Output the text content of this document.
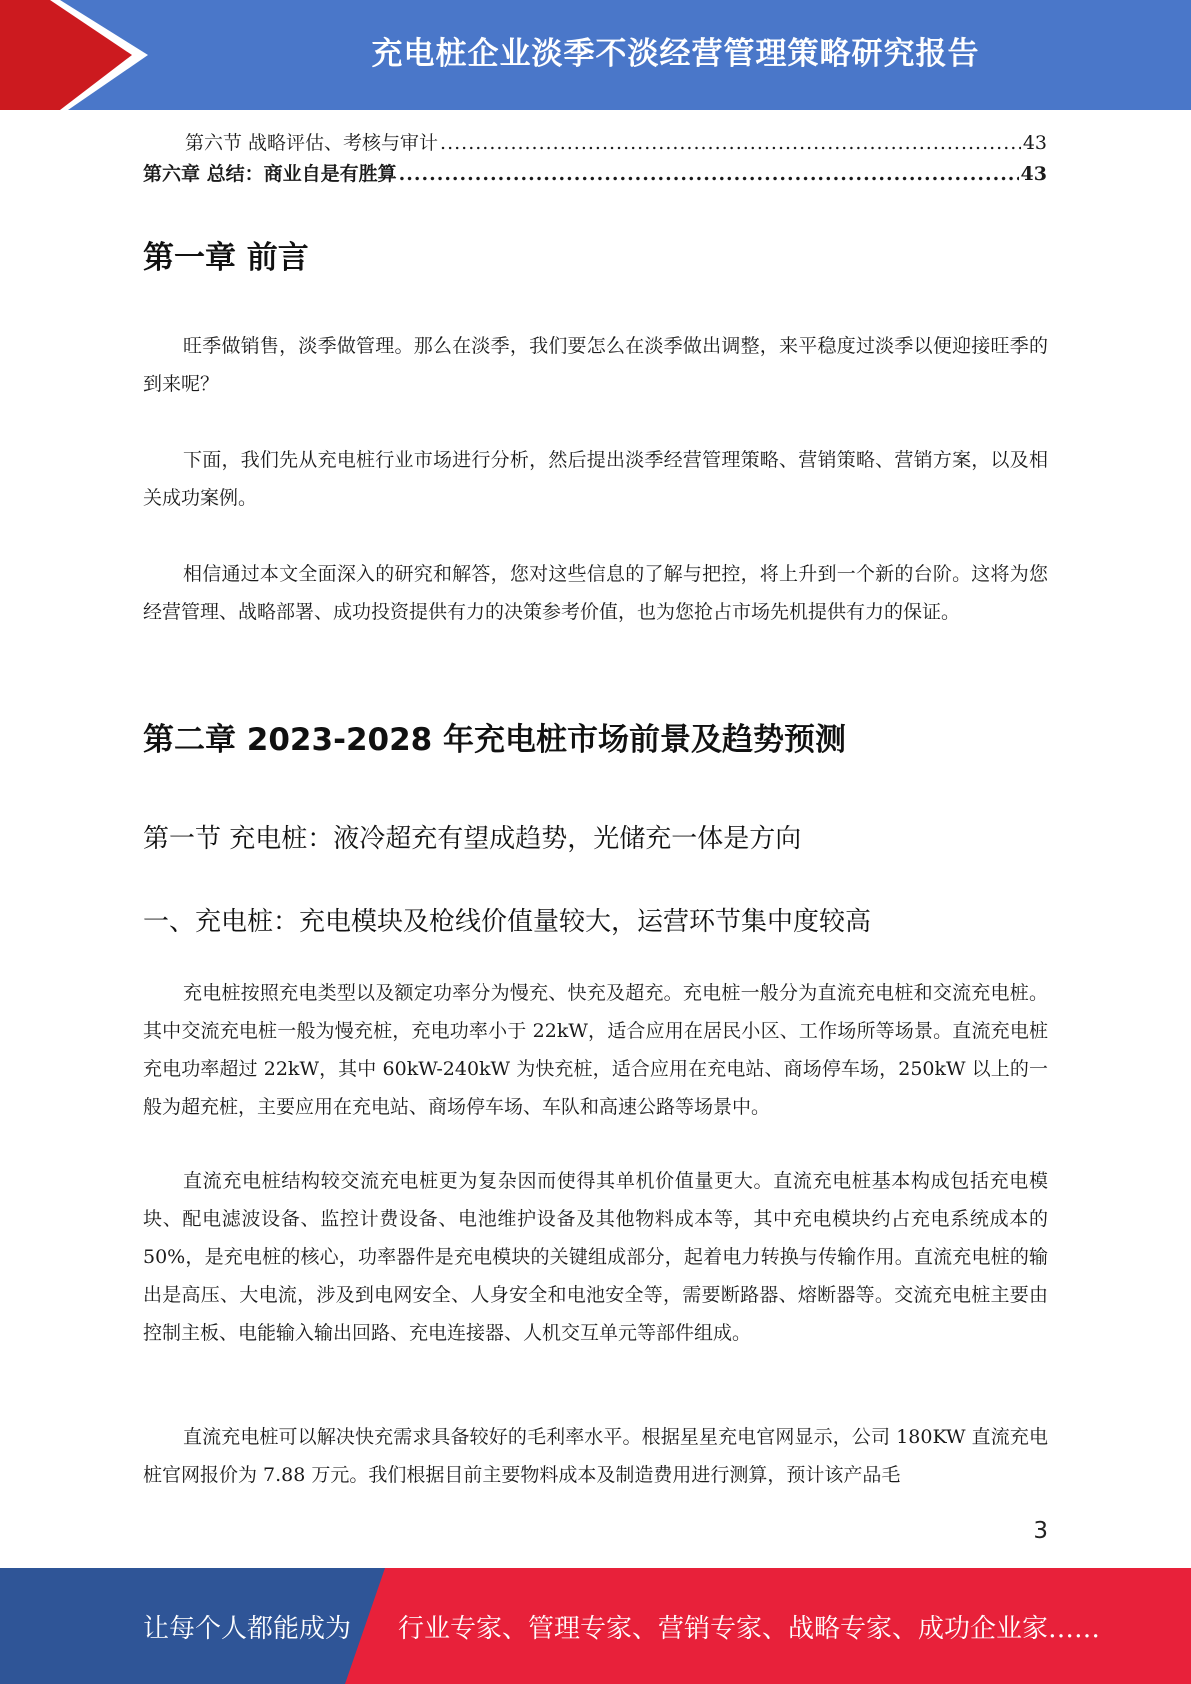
充电桩企业淡季不淡经营管理策略研究报告
第六节 战略评估、考核与审计 .....	43
第六章 总结：商业自是有胜算 .....	43
第一章 前言

旺季做销售，淡季做管理。那么在淡季，我们要怎么在淡季做出调整，来平稳度过淡季以便迎接旺季的到来呢？

下面，我们先从充电桩行业市场进行分析，然后提出淡季经营管理策略、营销策略、营销方案，以及相关成功案例。

相信通过本文全面深入的研究和解答，您对这些信息的了解与把控，将上升到一个新的台阶。这将为您经营管理、战略部署、成功投资提供有力的决策参考价值，也为您抢占市场先机提供有力的保证。

第二章 2023-2028 年充电桩市场前景及趋势预测
第一节 充电桩：液冷超充有望成趋势，光储充一体是方向
一、充电桩：充电模块及枪线价值量较大，运营环节集中度较高

充电桩按照充电类型以及额定功率分为慢充、快充及超充。充电桩一般分为直流充电桩和交流充电桩。其中交流充电桩一般为慢充桩，充电功率小于 22kW，适合应用在居民小区、工作场所等场景。直流充电桩充电功率超过 22kW，其中 60kW-240kW 为快充桩，适合应用在充电站、商场停车场，250kW 以上的一般为超充桩，主要应用在充电站、商场停车场、车队和高速公路等场景中。

直流充电桩结构较交流充电桩更为复杂因而使得其单机价值量更大。直流充电桩基本构成包括充电模块、配电滤波设备、监控计费设备、电池维护设备及其他物料成本等，其中充电模块约占充电系统成本的 50%，是充电桩的核心，功率器件是充电模块的关键组成部分，起着电力转换与传输作用。直流充电桩的输出是高压、大电流，涉及到电网安全、人身安全和电池安全等，需要断路器、熔断器等。交流充电桩主要由控制主板、电能输入输出回路、充电连接器、人机交互单元等部件组成。

直流充电桩可以解决快充需求具备较好的毛利率水平。根据星星充电官网显示，公司 180KW 直流充电桩官网报价为 7.88 万元。我们根据目前主要物料成本及制造费用进行测算，预计该产品毛

3
让每个人都能成为 行业专家、管理专家、营销专家、战略专家、成功企业家……
